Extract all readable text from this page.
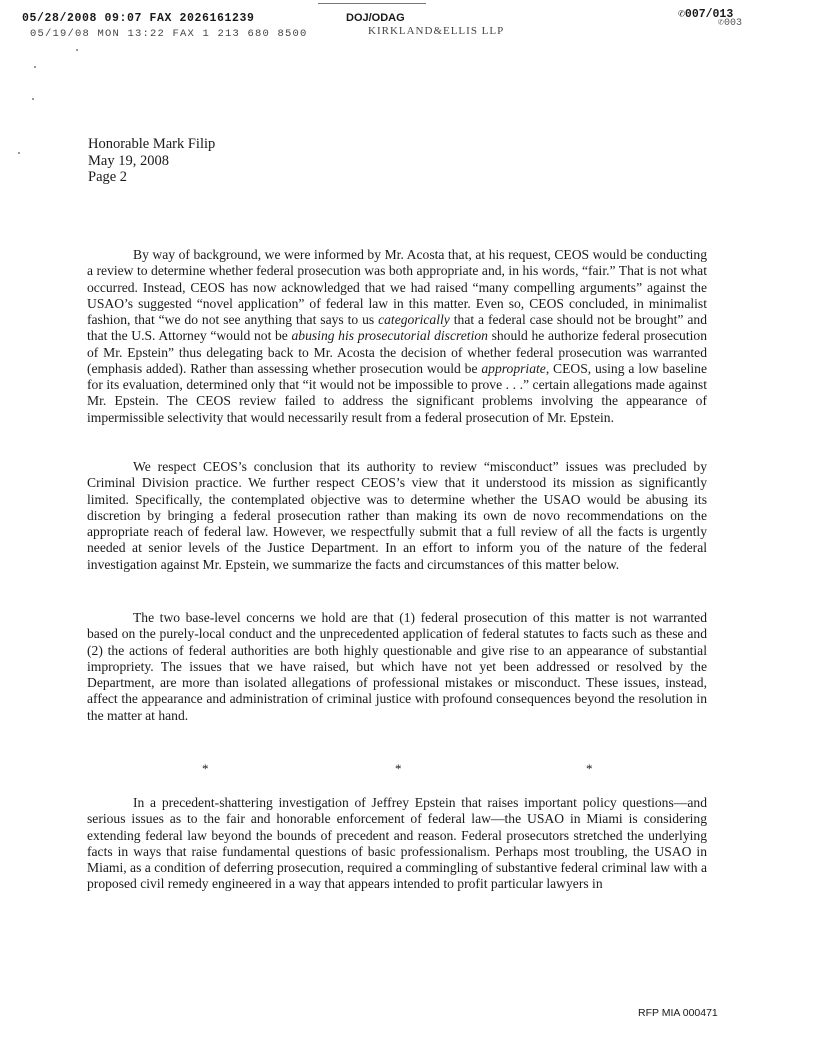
05/28/2008 09:07 FAX 2026161239
05/19/08 MON 13:22 FAX 1 213 680 8500
DOJ/ODAG
KIRKLAND&ELLIS LLP
✆007/013
✆003
Honorable Mark Filip
May 19, 2008
Page 2

By way of background, we were informed by Mr. Acosta that, at his request, CEOS would be conducting a review to determine whether federal prosecution was both appropriate and, in his words, “fair.” That is not what occurred. Instead, CEOS has now acknowledged that we had raised “many compelling arguments” against the USAO’s suggested “novel application” of federal law in this matter. Even so, CEOS concluded, in minimalist fashion, that “we do not see anything that says to us categorically that a federal case should not be brought” and that the U.S. Attorney “would not be abusing his prosecutorial discretion should he authorize federal prosecution of Mr. Epstein” thus delegating back to Mr. Acosta the decision of whether federal prosecution was warranted (emphasis added). Rather than assessing whether prosecution would be appropriate, CEOS, using a low baseline for its evaluation, determined only that “it would not be impossible to prove . . .” certain allegations made against Mr. Epstein. The CEOS review failed to address the significant problems involving the appearance of impermissible selectivity that would necessarily result from a federal prosecution of Mr. Epstein.

We respect CEOS’s conclusion that its authority to review “misconduct” issues was precluded by Criminal Division practice. We further respect CEOS’s view that it understood its mission as significantly limited. Specifically, the contemplated objective was to determine whether the USAO would be abusing its discretion by bringing a federal prosecution rather than making its own de novo recommendations on the appropriate reach of federal law. However, we respectfully submit that a full review of all the facts is urgently needed at senior levels of the Justice Department. In an effort to inform you of the nature of the federal investigation against Mr. Epstein, we summarize the facts and circumstances of this matter below.

The two base-level concerns we hold are that (1) federal prosecution of this matter is not warranted based on the purely-local conduct and the unprecedented application of federal statutes to facts such as these and (2) the actions of federal authorities are both highly questionable and give rise to an appearance of substantial impropriety. The issues that we have raised, but which have not yet been addressed or resolved by the Department, are more than isolated allegations of professional mistakes or misconduct. These issues, instead, affect the appearance and administration of criminal justice with profound consequences beyond the resolution in the matter at hand.

*	*	*

In a precedent-shattering investigation of Jeffrey Epstein that raises important policy questions—and serious issues as to the fair and honorable enforcement of federal law—the USAO in Miami is considering extending federal law beyond the bounds of precedent and reason. Federal prosecutors stretched the underlying facts in ways that raise fundamental questions of basic professionalism. Perhaps most troubling, the USAO in Miami, as a condition of deferring prosecution, required a commingling of substantive federal criminal law with a proposed civil remedy engineered in a way that appears intended to profit particular lawyers in

RFP MIA 000471
